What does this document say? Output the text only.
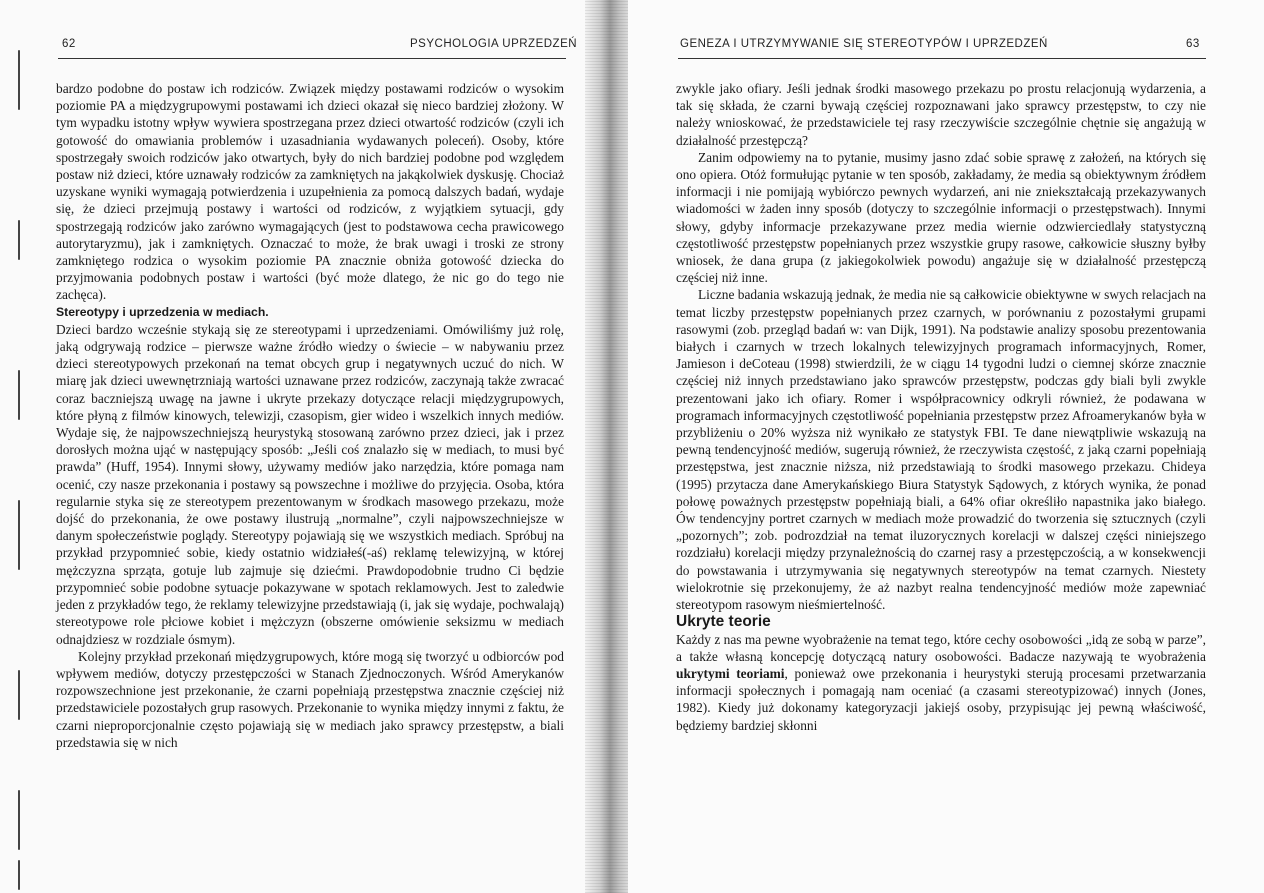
62	PSYCHOLOGIA UPRZEDZEŃ

bardzo podobne do postaw ich rodziców. Związek między postawami rodziców o wysokim poziomie PA a międzygrupowymi postawami ich dzieci okazał się nieco bardziej złożony. W tym wypadku istotny wpływ wywiera spostrzegana przez dzieci otwartość rodziców (czyli ich gotowość do omawiania problemów i uzasadniania wydawanych poleceń). Osoby, które spostrzegały swoich rodziców jako otwartych, były do nich bardziej podobne pod względem postaw niż dzieci, które uznawały rodziców za zamkniętych na jakąkolwiek dyskusję. Chociaż uzyskane wyniki wymagają potwierdzenia i uzupełnienia za pomocą dalszych badań, wydaje się, że dzieci przejmują postawy i wartości od rodziców, z wyjątkiem sytuacji, gdy spostrzegają rodziców jako zarówno wymagających (jest to podstawowa cecha prawicowego autorytaryzmu), jak i zamkniętych. Oznaczać to może, że brak uwagi i troski ze strony zamkniętego rodzica o wysokim poziomie PA znacznie obniża gotowość dziecka do przyjmowania podobnych postaw i wartości (być może dlatego, że nic go do tego nie zachęca).

Stereotypy i uprzedzenia w mediach.

Dzieci bardzo wcześnie stykają się ze stereotypami i uprzedzeniami. Omówiliśmy już rolę, jaką odgrywają rodzice – pierwsze ważne źródło wiedzy o świecie – w nabywaniu przez dzieci stereotypowych przekonań na temat obcych grup i negatywnych uczuć do nich. W miarę jak dzieci uwewnętrzniają wartości uznawane przez rodziców, zaczynają także zwracać coraz baczniejszą uwagę na jawne i ukryte przekazy dotyczące relacji międzygrupowych, które płyną z filmów kinowych, telewizji, czasopism, gier wideo i wszelkich innych mediów. Wydaje się, że najpowszechniejszą heurystyką stosowaną zarówno przez dzieci, jak i przez dorosłych można ująć w następujący sposób: „Jeśli coś znalazło się w mediach, to musi być prawda” (Huff, 1954). Innymi słowy, używamy mediów jako narzędzia, które pomaga nam ocenić, czy nasze przekonania i postawy są powszechne i możliwe do przyjęcia. Osoba, która regularnie styka się ze stereotypem prezentowanym w środkach masowego przekazu, może dojść do przekonania, że owe postawy ilustrują „normalne”, czyli najpowszechniejsze w danym społeczeństwie poglądy. Stereotypy pojawiają się we wszystkich mediach. Spróbuj na przykład przypomnieć sobie, kiedy ostatnio widziałeś(-aś) reklamę telewizyjną, w której mężczyzna sprząta, gotuje lub zajmuje się dziećmi. Prawdopodobnie trudno Ci będzie przypomnieć sobie podobne sytuacje pokazywane w spotach reklamowych. Jest to zaledwie jeden z przykładów tego, że reklamy telewizyjne przedstawiają (i, jak się wydaje, pochwalają) stereotypowe role płciowe kobiet i mężczyzn (obszerne omówienie seksizmu w mediach odnajdziesz w rozdziale ósmym).

Kolejny przykład przekonań międzygrupowych, które mogą się tworzyć u odbiorców pod wpływem mediów, dotyczy przestępczości w Stanach Zjednoczonych. Wśród Amerykanów rozpowszechnione jest przekonanie, że czarni popełniają przestępstwa znacznie częściej niż przedstawiciele pozostałych grup rasowych. Przekonanie to wynika między innymi z faktu, że czarni nieproporcjonalnie często pojawiają się w mediach jako sprawcy przestępstw, a biali przedstawia się w nich

GENEZA I UTRZYMYWANIE SIĘ STEREOTYPÓW I UPRZEDZEŃ	63

zwykle jako ofiary. Jeśli jednak środki masowego przekazu po prostu relacjonują wydarzenia, a tak się składa, że czarni bywają częściej rozpoznawani jako sprawcy przestępstw, to czy nie należy wnioskować, że przedstawiciele tej rasy rzeczywiście szczególnie chętnie się angażują w działalność przestępczą?

Zanim odpowiemy na to pytanie, musimy jasno zdać sobie sprawę z założeń, na których się ono opiera. Otóż formułując pytanie w ten sposób, zakładamy, że media są obiektywnym źródłem informacji i nie pomijają wybiórczo pewnych wydarzeń, ani nie zniekształcają przekazywanych wiadomości w żaden inny sposób (dotyczy to szczególnie informacji o przestępstwach). Innymi słowy, gdyby informacje przekazywane przez media wiernie odzwierciedlały statystyczną częstotliwość przestępstw popełnianych przez wszystkie grupy rasowe, całkowicie słuszny byłby wniosek, że dana grupa (z jakiegokolwiek powodu) angażuje się w działalność przestępczą częściej niż inne.

Liczne badania wskazują jednak, że media nie są całkowicie obiektywne w swych relacjach na temat liczby przestępstw popełnianych przez czarnych, w porównaniu z pozostałymi grupami rasowymi (zob. przegląd badań w: van Dijk, 1991). Na podstawie analizy sposobu prezentowania białych i czarnych w trzech lokalnych telewizyjnych programach informacyjnych, Romer, Jamieson i deCoteau (1998) stwierdzili, że w ciągu 14 tygodni ludzi o ciemnej skórze znacznie częściej niż innych przedstawiano jako sprawców przestępstw, podczas gdy biali byli zwykle prezentowani jako ich ofiary. Romer i współpracownicy odkryli również, że podawana w programach informacyjnych częstotliwość popełniania przestępstw przez Afroamerykanów była w przybliżeniu o 20% wyższa niż wynikało ze statystyk FBI. Te dane niewątpliwie wskazują na pewną tendencyjność mediów, sugerują również, że rzeczywista częstość, z jaką czarni popełniają przestępstwa, jest znacznie niższa, niż przedstawiają to środki masowego przekazu. Chideya (1995) przytacza dane Amerykańskiego Biura Statystyk Sądowych, z których wynika, że ponad połowę poważnych przestępstw popełniają biali, a 64% ofiar określiło napastnika jako białego. Ów tendencyjny portret czarnych w mediach może prowadzić do tworzenia się sztucznych (czyli „pozornych”; zob. podrozdział na temat iluzorycznych korelacji w dalszej części niniejszego rozdziału) korelacji między przynależnością do czarnej rasy a przestępczością, a w konsekwencji do powstawania i utrzymywania się negatywnych stereotypów na temat czarnych. Niestety wielokrotnie się przekonujemy, że aż nazbyt realna tendencyjność mediów może zapewniać stereotypom rasowym nieśmiertelność.

Ukryte teorie

Każdy z nas ma pewne wyobrażenie na temat tego, które cechy osobowości „idą ze sobą w parze”, a także własną koncepcję dotyczącą natury osobowości. Badacze nazywają te wyobrażenia ukrytymi teoriami, ponieważ owe przekonania i heurystyki sterują procesami przetwarzania informacji społecznych i pomagają nam oceniać (a czasami stereotypizować) innych (Jones, 1982). Kiedy już dokonamy kategoryzacji jakiejś osoby, przypisując jej pewną właściwość, będziemy bardziej skłonni
